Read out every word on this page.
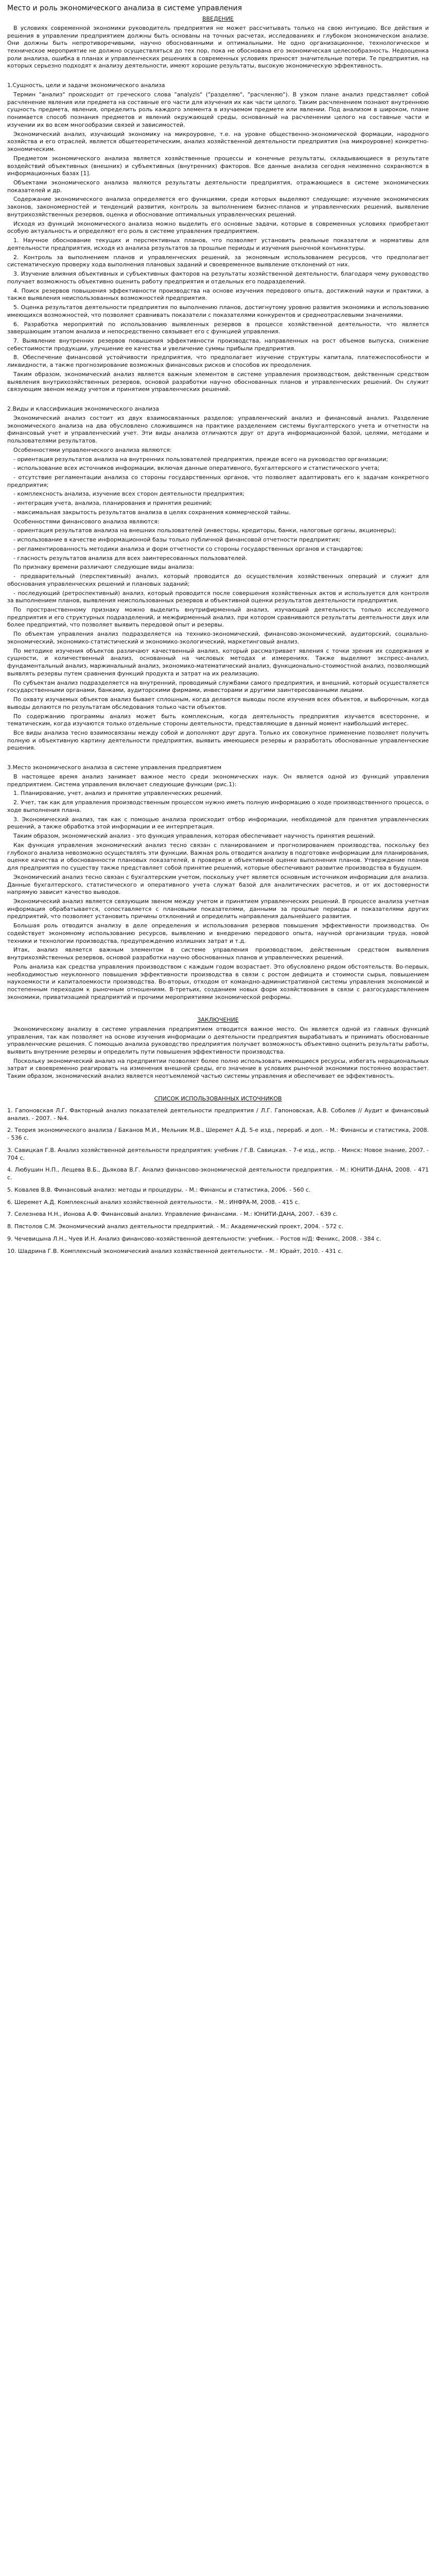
Место и роль экономического анализа в системе управления
ВВЕДЕНИЕ

В условиях современной экономики руководитель предприятия не может рассчитывать только на свою интуицию. Все действия и решения в управлении предприятием должны быть основаны на точных расчетах, исследованиях и глубоком экономическом анализе. Они должны быть непротиворечивыми, научно обоснованными и оптимальными. Не одно организационное, технологическое и техническое мероприятие не должно осуществляться до тех пор, пока не обоснована его экономическая целесообразность. Недооценка роли анализа, ошибка в планах и управленческих решениях в современных условиях приносят значительные потери. Те предприятия, на которых серьезно подходят к анализу деятельности, имеют хорошие результаты, высокую экономическую эффективность.

1.Сущность, цели и задачи экономического анализа

Термин "анализ" происходит от греческого слова "analyzis" ("разделяю", "расчленяю"). В узком плане анализ представляет собой расчленение явления или предмета на составные его части для изучения их как части целого. Таким расчленением познают внутреннюю сущность предмета, явления, определить роль каждого элемента в изучаемом предмете или явлении. Под анализом в широком, плане понимается способ познания предметов и явлений окружающей среды, основанный на расчленении целого на составные части и изучении их во всем многообразии связей и зависимостей.

Экономический анализ, изучающий экономику на микроуровне, т.е. на уровне общественно-экономической формации, народного хозяйства и его отраслей, является общетеоретическим, анализ хозяйственной деятельности предприятия (на микроуровне) конкретно-экономическим.

Предметом экономического анализа является хозяйственные процессы и конечные результаты, складывающиеся в результате воздействий объективных (внешних) и субъективных (внутренних) факторов. Все данные анализа сегодня неизменно сохраняются в информационных базах [1].

Объектами экономического анализа являются результаты деятельности предприятия, отражающиеся в системе экономических показателей и др.

Содержание экономического анализа определяется его функциями, среди которых выделяют следующие: изучение экономических законов, закономерностей и тенденций развития, контроль за выполнением бизнес-планов и управленческих решений, выявление внутрихозяйственных резервов, оценка и обоснование оптимальных управленческих решений.

Исходя из функций экономического анализа можно выделить его основные задачи, которые в современных условиях приобретают особую актуальность и определяют его роль в системе управления предприятием.

1. Научное обоснование текущих и перспективных планов, что позволяет установить реальные показатели и нормативы для деятельности предприятия, исходя из анализа результатов за прошлые периоды и изучения рыночной конъюнктуры.

2. Контроль за выполнением планов и управленческих решений, за экономным использованием ресурсов, что предполагает систематическую проверку хода выполнения плановых заданий и своевременное выявление отклонений от них.

3. Изучение влияния объективных и субъективных факторов на результаты хозяйственной деятельности, благодаря чему руководство получает возможность объективно оценить работу предприятия и отдельных его подразделений.

4. Поиск резервов повышения эффективности производства на основе изучения передового опыта, достижений науки и практики, а также выявления неиспользованных возможностей предприятия.

5. Оценка результатов деятельности предприятия по выполнению планов, достигнутому уровню развития экономики и использованию имеющихся возможностей, что позволяет сравнивать показатели с показателями конкурентов и среднеотраслевыми значениями.

6. Разработка мероприятий по использованию выявленных резервов в процессе хозяйственной деятельности, что является завершающим этапом анализа и непосредственно связывает его с функцией управления.

7. Выявление внутренних резервов повышения эффективности производства, направленных на рост объемов выпуска, снижение себестоимости продукции, улучшение ее качества и увеличение суммы прибыли предприятия.

8. Обеспечение финансовой устойчивости предприятия, что предполагает изучение структуры капитала, платежеспособности и ликвидности, а также прогнозирование возможных финансовых рисков и способов их преодоления.

Таким образом, экономический анализ является важным элементом в системе управления производством, действенным средством выявления внутрихозяйственных резервов, основой разработки научно обоснованных планов и управленческих решений. Он служит связующим звеном между учетом и принятием управленческих решений.

2.Виды и классификация экономического анализа

Экономический анализ состоит из двух взаимосвязанных разделов: управленческий анализ и финансовый анализ. Разделение экономического анализа на два обусловлено сложившимся на практике разделением системы бухгалтерского учета и отчетности на финансовый учет и управленческий учет. Эти виды анализа отличаются друг от друга информационной базой, целями, методами и пользователями результатов.

Особенностями управленческого анализа являются:

- ориентация результатов анализа на внутренних пользователей предприятия, прежде всего на руководство организации;

- использование всех источников информации, включая данные оперативного, бухгалтерского и статистического учета;

- отсутствие регламентации анализа со стороны государственных органов, что позволяет адаптировать его к задачам конкретного предприятия;

- комплексность анализа, изучение всех сторон деятельности предприятия;

- интеграция учета, анализа, планирования и принятия решений;

- максимальная закрытость результатов анализа в целях сохранения коммерческой тайны.

Особенностями финансового анализа являются:

- ориентация результатов анализа на внешних пользователей (инвесторы, кредиторы, банки, налоговые органы, акционеры);

- использование в качестве информационной базы только публичной финансовой отчетности предприятия;

- регламентированность методики анализа и форм отчетности со стороны государственных органов и стандартов;

- гласность результатов анализа для всех заинтересованных пользователей.

По признаку времени различают следующие виды анализа:

- предварительный (перспективный) анализ, который проводится до осуществления хозяйственных операций и служит для обоснования управленческих решений и плановых заданий;

- последующий (ретроспективный) анализ, который проводится после совершения хозяйственных актов и используется для контроля за выполнением планов, выявления неиспользованных резервов и объективной оценки результатов деятельности предприятия.

По пространственному признаку можно выделить внутрифирменный анализ, изучающий деятельность только исследуемого предприятия и его структурных подразделений, и межфирменный анализ, при котором сравниваются результаты деятельности двух или более предприятий, что позволяет выявить передовой опыт и резервы.

По объектам управления анализ подразделяется на технико-экономический, финансово-экономический, аудиторский, социально-экономический, экономико-статистический и экономико-экологический, маркетинговый анализ.

По методике изучения объектов различают качественный анализ, который рассматривает явления с точки зрения их содержания и сущности, и количественный анализ, основанный на числовых методах и измерениях. Также выделяют экспресс-анализ, фундаментальный анализ, маржинальный анализ, экономико-математический анализ, функционально-стоимостной анализ, позволяющий выявлять резервы путем сравнения функций продукта и затрат на их реализацию.

По субъектам анализ подразделяется на внутренний, проводимый службами самого предприятия, и внешний, который осуществляется государственными органами, банками, аудиторскими фирмами, инвесторами и другими заинтересованными лицами.

По охвату изучаемых объектов анализ бывает сплошным, когда делаются выводы после изучения всех объектов, и выборочным, когда выводы делаются по результатам обследования только части объектов.

По содержанию программы анализ может быть комплексным, когда деятельность предприятия изучается всесторонне, и тематическим, когда изучаются только отдельные стороны деятельности, представляющие в данный момент наибольший интерес.

Все виды анализа тесно взаимосвязаны между собой и дополняют друг друга. Только их совокупное применение позволяет получить полную и объективную картину деятельности предприятия, выявить имеющиеся резервы и разработать обоснованные управленческие решения.

3.Место экономического анализа в системе управления предприятием

В настоящее время анализ занимает важное место среди экономических наук. Он является одной из функций управления предприятием. Система управления включает следующие функции (рис.1):

1. Планирование, учет, анализ и принятие управленческих решений.

2. Учет, так как для управления производственным процессом нужно иметь полную информацию о ходе производственного процесса, о ходе выполнения плана.

3. Экономический анализ, так как с помощью анализа происходит отбор информации, необходимой для принятия управленческих решений, а также обработка этой информации и ее интерпретация.

Таким образом, экономический анализ - это функция управления, которая обеспечивает научность принятия решений.

Как функция управления экономический анализ тесно связан с планированием и прогнозированием производства, поскольку без глубокого анализа невозможно осуществлять эти функции. Важная роль отводится анализу в подготовке информации для планирования, оценке качества и обоснованности плановых показателей, в проверке и объективной оценке выполнения планов. Утверждение планов для предприятия по существу также представляет собой принятие решений, которые обеспечивают развитие производства в будущем.

Экономический анализ тесно связан с бухгалтерским учетом, поскольку учет является основным источником информации для анализа. Данные бухгалтерского, статистического и оперативного учета служат базой для аналитических расчетов, и от их достоверности напрямую зависит качество выводов.

Экономический анализ является связующим звеном между учетом и принятием управленческих решений. В процессе анализа учетная информация обрабатывается, сопоставляется с плановыми показателями, данными за прошлые периоды и показателями других предприятий, что позволяет установить причины отклонений и определить направления дальнейшего развития.

Большая роль отводится анализу в деле определения и использования резервов повышения эффективности производства. Он содействует экономному использованию ресурсов, выявлению и внедрению передового опыта, научной организации труда, новой техники и технологии производства, предупреждению излишних затрат и т.д.

Итак, анализ является важным элементом в системе управления производством, действенным средством выявления внутрихозяйственных резервов, основой разработки научно обоснованных планов и управленческих решений.

Роль анализа как средства управления производством с каждым годом возрастает. Это обусловлено рядом обстоятельств. Во-первых, необходимостью неуклонного повышения эффективности производства в связи с ростом дефицита и стоимости сырья, повышением наукоемкости и капиталоемкости производства. Во-вторых, отходом от командно-административной системы управления экономикой и постепенным переходом к рыночным отношениям. В-третьих, созданием новых форм хозяйствования в связи с разгосударствлением экономики, приватизацией предприятий и прочими мероприятиями экономической реформы.

ЗАКЛЮЧЕНИЕ

Экономическому анализу в системе управления предприятием отводится важное место. Он является одной из главных функций управления, так как позволяет на основе изучения информации о деятельности предприятия вырабатывать и принимать обоснованные управленческие решения. С помощью анализа руководство предприятия получает возможность объективно оценить результаты работы, выявить внутренние резервы и определить пути повышения эффективности производства.

Поскольку экономический анализ на предприятии позволяет более полно использовать имеющиеся ресурсы, избегать нерациональных затрат и своевременно реагировать на изменения внешней среды, его значение в условиях рыночной экономики постоянно возрастает. Таким образом, экономический анализ является неотъемлемой частью системы управления и обеспечивает ее эффективность.

СПИСОК ИСПОЛЬЗОВАННЫХ ИСТОЧНИКОВ
1. Гапоновская Л.Г. Факторный анализ показателей деятельности предприятия / Л.Г. Гапоновская, А.В. Соболев // Аудит и финансовый анализ. - 2007. - №4.
2. Теория экономического анализа / Баканов М.И., Мельник М.В., Шеремет А.Д. 5-е изд., перераб. и доп. - М.: Финансы и статистика, 2008. - 536 с.
3. Савицкая Г.В. Анализ хозяйственной деятельности предприятия: учебник / Г.В. Савицкая. - 7-е изд., испр. - Минск: Новое знание, 2007. - 704 с.
4. Любушин Н.П., Лещева В.Б., Дьякова В.Г. Анализ финансово-экономической деятельности предприятия. - М.: ЮНИТИ-ДАНА, 2008. - 471 с.
5. Ковалев В.В. Финансовый анализ: методы и процедуры. - М.: Финансы и статистика, 2006. - 560 с.
6. Шеремет А.Д. Комплексный анализ хозяйственной деятельности. - М.: ИНФРА-М, 2008. - 415 с.
7. Селезнева Н.Н., Ионова А.Ф. Финансовый анализ. Управление финансами. - М.: ЮНИТИ-ДАНА, 2007. - 639 с.
8. Пястолов С.М. Экономический анализ деятельности предприятий. - М.: Академический проект, 2004. - 572 с.
9. Чечевицына Л.Н., Чуев И.Н. Анализ финансово-хозяйственной деятельности: учебник. - Ростов н/Д: Феникс, 2008. - 384 с.
10. Шадрина Г.В. Комплексный экономический анализ хозяйственной деятельности. - М.: Юрайт, 2010. - 431 с.
